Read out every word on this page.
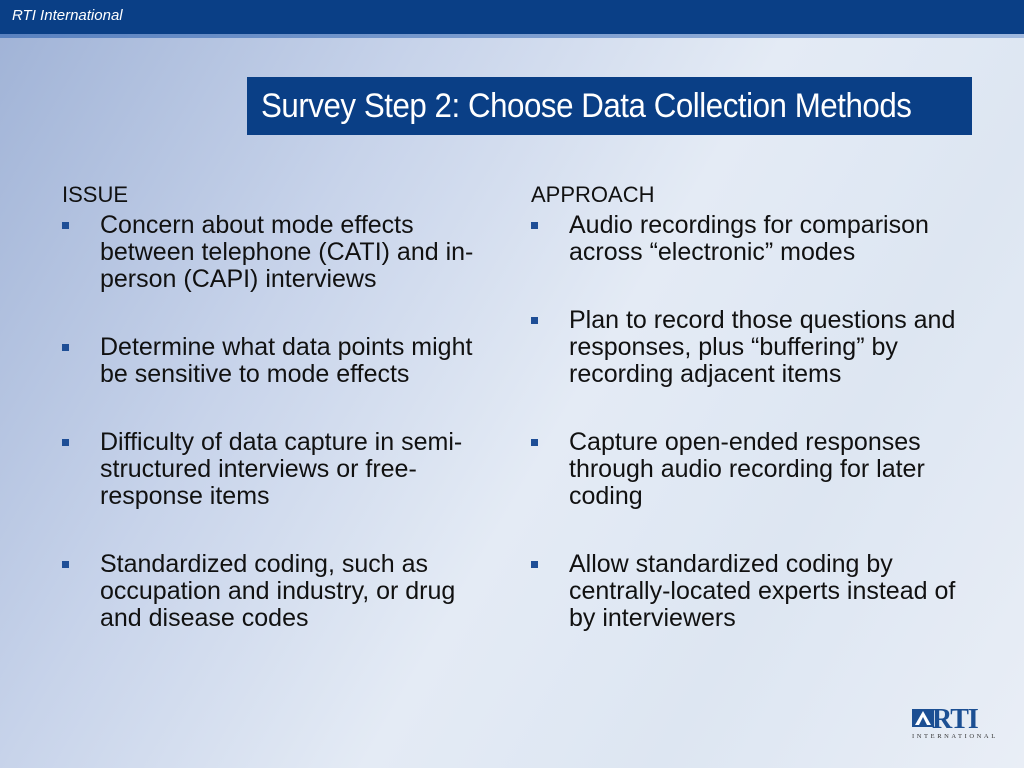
RTI International
Survey Step 2: Choose Data Collection Methods
ISSUE
Concern about mode effects between telephone (CATI) and in-person (CAPI) interviews
Determine what data points might be sensitive to mode effects
Difficulty of data capture in semi-structured interviews or free-response items
Standardized coding, such as occupation and industry, or drug and disease codes
APPROACH
Audio recordings for comparison across “electronic” modes
Plan to record those questions and responses, plus “buffering” by recording adjacent items
Capture open-ended responses through audio recording for later coding
Allow standardized coding by centrally-located experts instead of by interviewers
RTI
INTERNATIONAL
